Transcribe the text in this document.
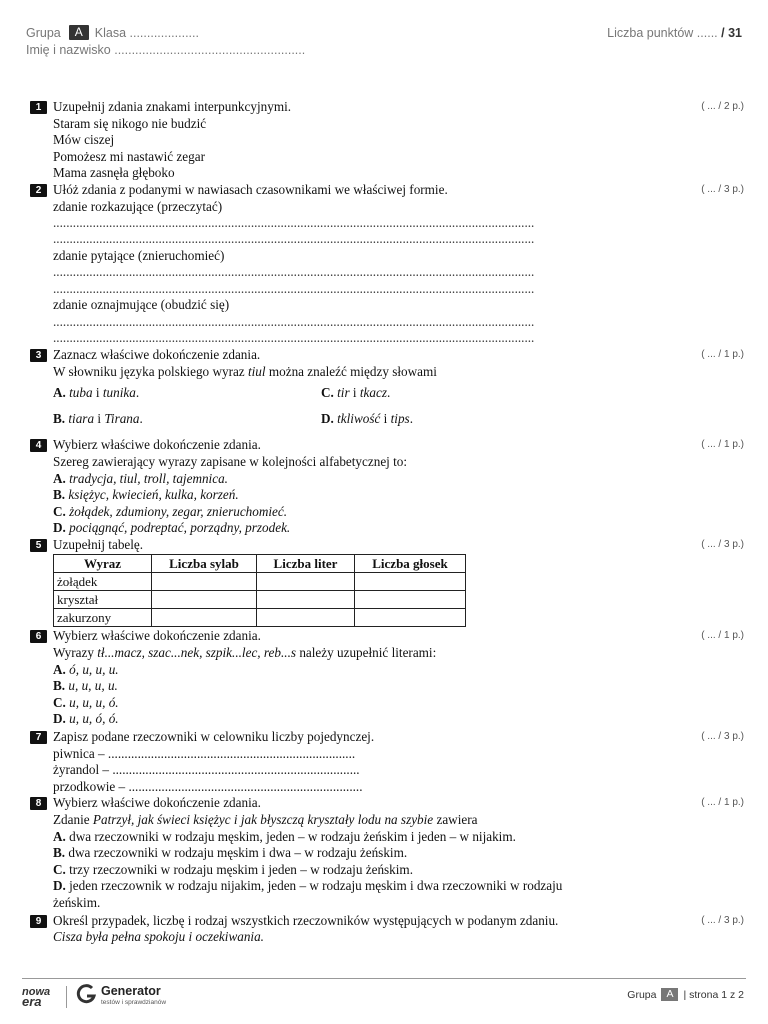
Grupa	A Klasa ....................	Liczba punktów ...... / 31
Imię i nazwisko .......................................................
1	( ... / 2 p.)
Uzupełnij zdania znakami interpunkcyjnymi.
Staram się nikogo nie budzić
Mów ciszej
Pomożesz mi nastawić zegar
Mama zasnęła głęboko
2	( ... / 3 p.)
Ułóż zdania z podanymi w nawiasach czasownikami we właściwej formie.
zdanie rozkazujące (przeczytać)
..................................................................................................................................................
..................................................................................................................................................
zdanie pytające (znieruchomieć)
..................................................................................................................................................
..................................................................................................................................................
zdanie oznajmujące (obudzić się)
..................................................................................................................................................
..................................................................................................................................................
3	( ... / 1 p.)
Zaznacz właściwe dokończenie zdania.
W słowniku języka polskiego wyraz tiul można znaleźć między słowami
A. tuba i tunika.	C. tir i tkacz.
B. tiara i Tirana.	D. tkliwość i tips.
4	( ... / 1 p.)
Wybierz właściwe dokończenie zdania.
Szereg zawierający wyrazy zapisane w kolejności alfabetycznej to:
A. tradycja, tiul, troll, tajemnica.
B. księżyc, kwiecień, kulka, korzeń.
C. żołądek, zdumiony, zegar, znieruchomieć.
D. pociągnąć, podreptać, porządny, przodek.
5	( ... / 3 p.)
Uzupełnij tabelę.
Wyraz	Liczba sylab	Liczba liter	Liczba głosek
żołądek			
kryształ			
zakurzony			
6	( ... / 1 p.)
Wybierz właściwe dokończenie zdania.
Wyrazy tł...macz, szac...nek, szpik...lec, reb...s należy uzupełnić literami:
A. ó, u, u, u.
B. u, u, u, u.
C. u, u, u, ó.
D. u, u, ó, ó.
7	( ... / 3 p.)
Zapisz podane rzeczowniki w celowniku liczby pojedynczej.
piwnica – ...........................................................................
żyrandol – ...........................................................................
przodkowie – .......................................................................
8	( ... / 1 p.)
Wybierz właściwe dokończenie zdania.
Zdanie Patrzył, jak świeci księżyc i jak błyszczą kryształy lodu na szybie zawiera
A. dwa rzeczowniki w rodzaju męskim, jeden – w rodzaju żeńskim i jeden – w nijakim.
B. dwa rzeczowniki w rodzaju męskim i dwa – w rodzaju żeńskim.
C. trzy rzeczowniki w rodzaju męskim i jeden – w rodzaju żeńskim.
D. jeden rzeczownik w rodzaju nijakim, jeden – w rodzaju męskim i dwa rzeczowniki w rodzaju żeńskim.
9	( ... / 3 p.)
Określ przypadek, liczbę i rodzaj wszystkich rzeczowników występujących w podanym zdaniu.
Cisza była pełna spokoju i oczekiwania.
nowa
era
Generator
testów i sprawdzianów
Grupa A | strona 1 z 2
